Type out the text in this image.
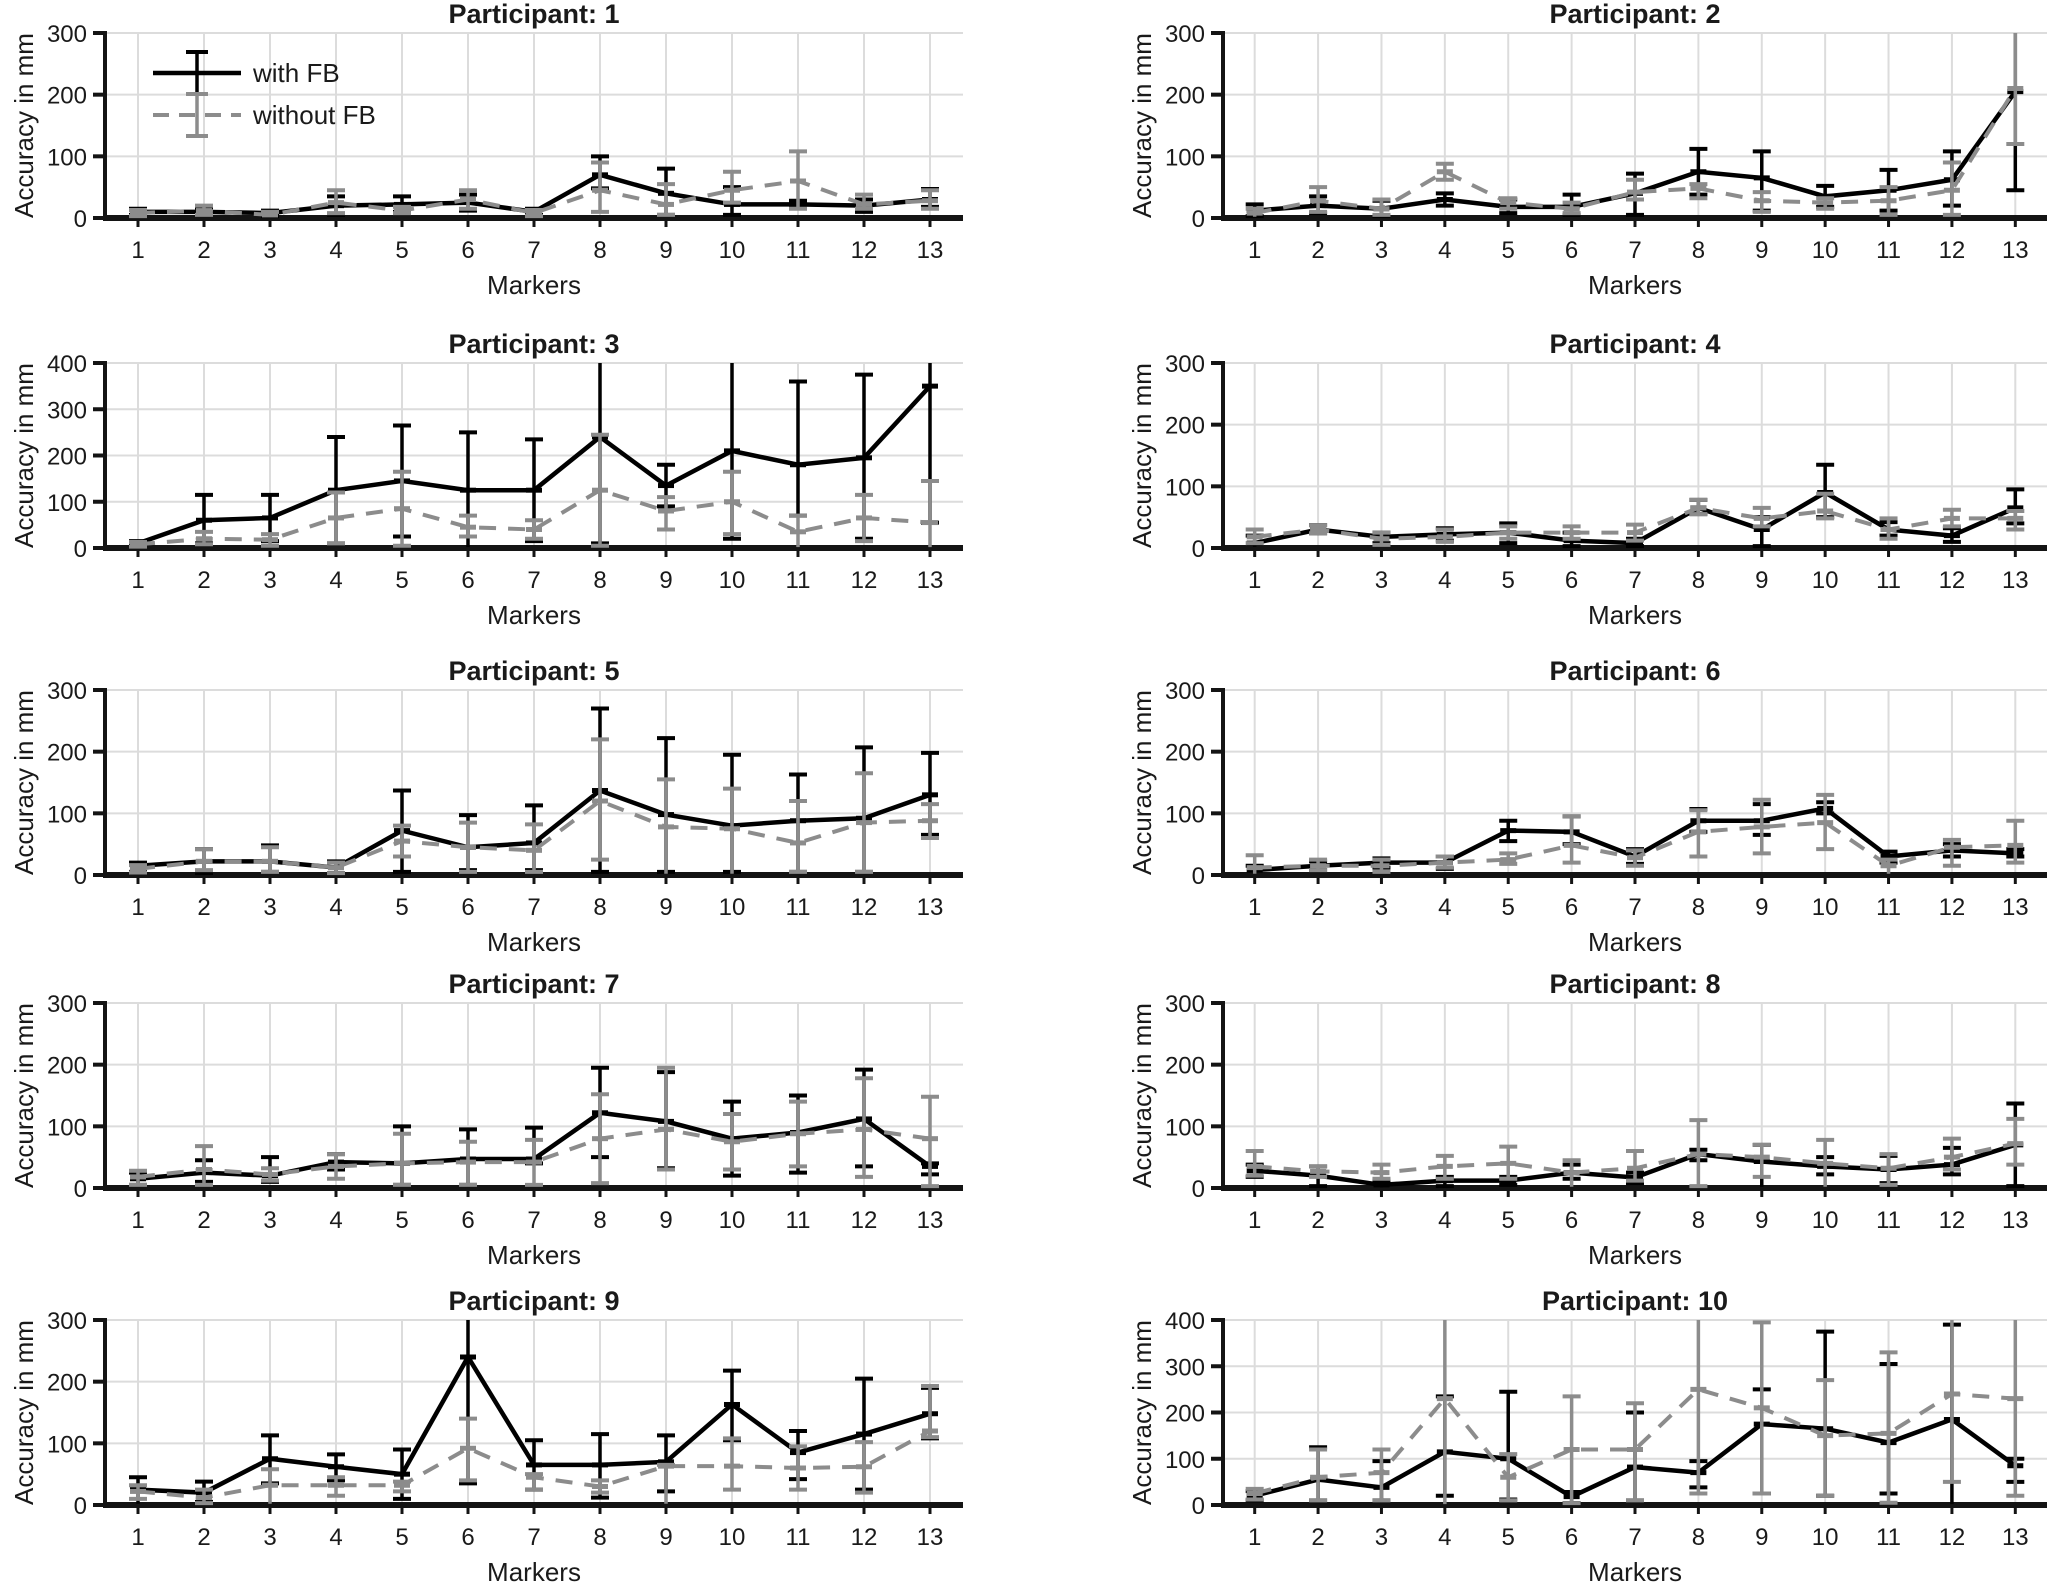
0
100
200
300
1 2 3 4 5 6 7 8 9 10 11 12 13
Markers
Participant: 1
Accuracy in mm	with FB
without FB
0
100
200
300
1 2 3 4 5 6 7 8 9 10 11 12 13
Markers
Participant: 2
Accuracy in mm
0
100
200
300
400
1 2 3 4 5 6 7 8 9 10 11 12 13
Markers
Participant: 3
Accuracy in mm
0
100
200
300
1 2 3 4 5 6 7 8 9 10 11 12 13
Markers
Participant: 4
Accuracy in mm
0
100
200
300
1 2 3 4 5 6 7 8 9 10 11 12 13
Markers
Participant: 5
Accuracy in mm
0
100
200
300
1 2 3 4 5 6 7 8 9 10 11 12 13
Markers
Participant: 6
Accuracy in mm
0
100
200
300
1 2 3 4 5 6 7 8 9 10 11 12 13
Markers
Participant: 7
Accuracy in mm
0
100
200
300
1 2 3 4 5 6 7 8 9 10 11 12 13
Markers
Participant: 8
Accuracy in mm
0
100
200
300
1 2 3 4 5 6 7 8 9 10 11 12 13
Markers
Participant: 9
Accuracy in mm
0
100
200
300
400
1 2 3 4 5 6 7 8 9 10 11 12 13
Markers
Participant: 10
Accuracy in mm
